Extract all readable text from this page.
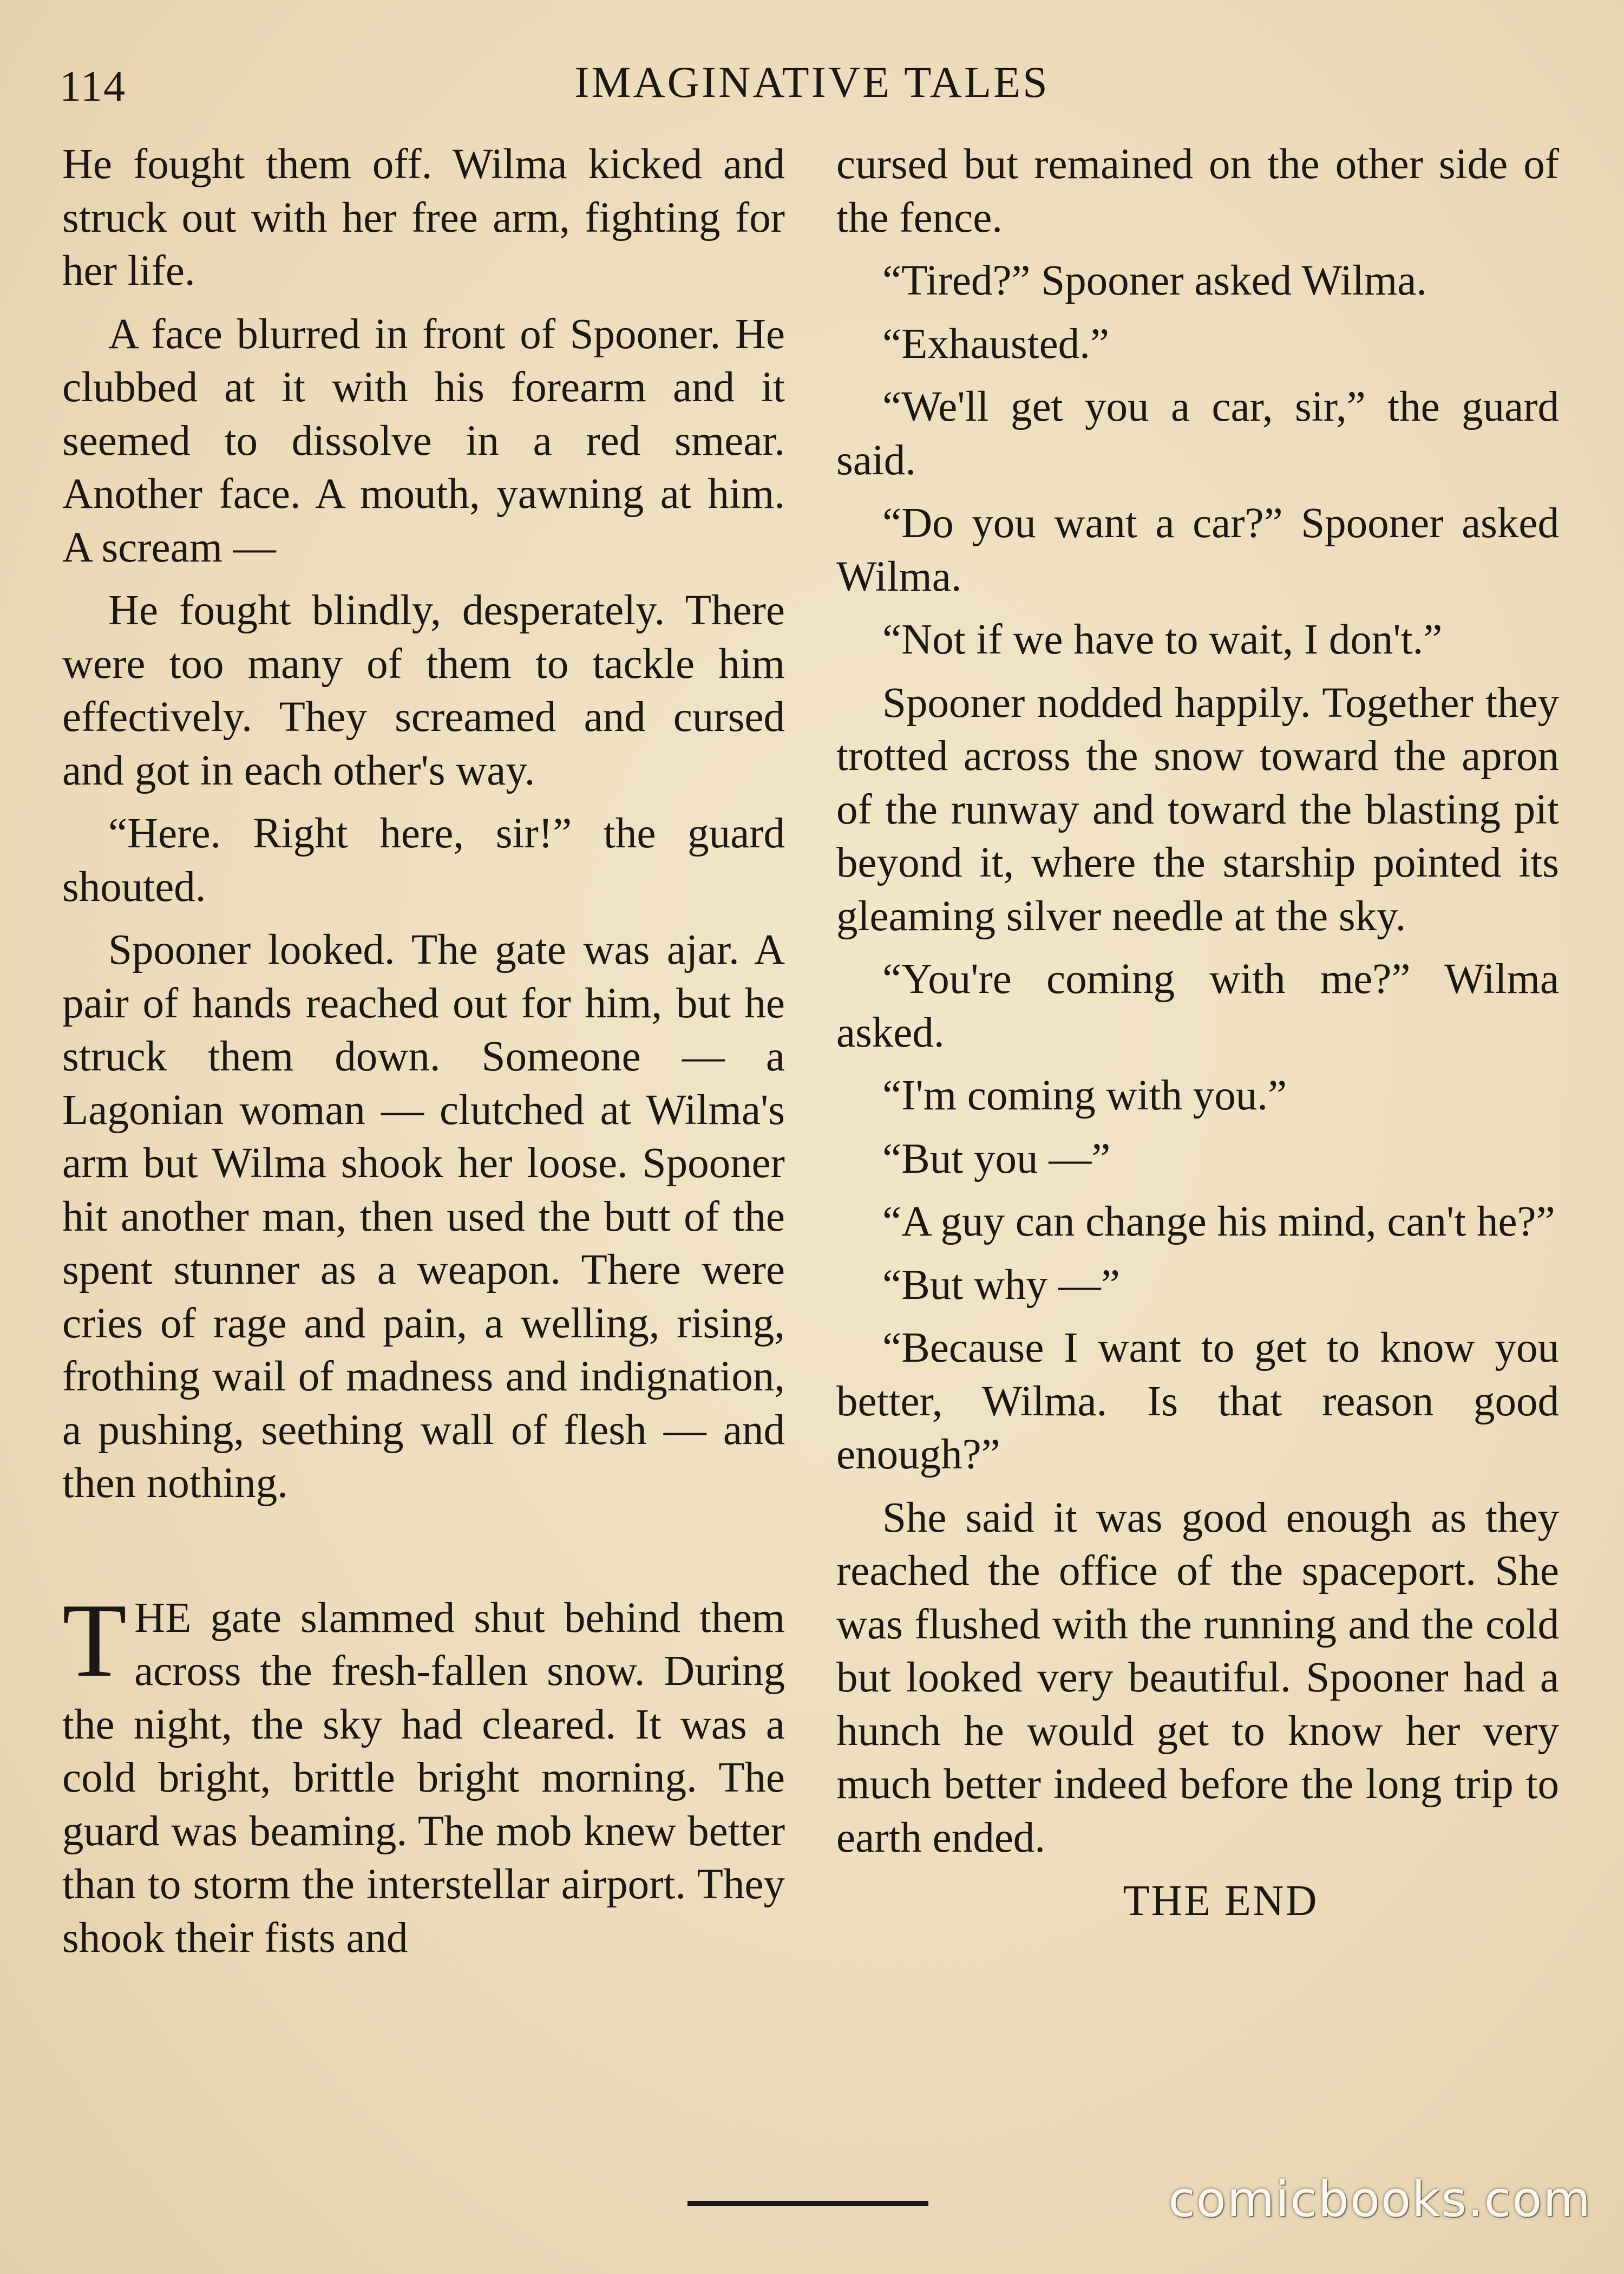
114	IMAGINATIVE TALES

He fought them off. Wilma kicked and struck out with her free arm, fighting for her life.

A face blurred in front of Spooner. He clubbed at it with his forearm and it seemed to dissolve in a red smear. Another face. A mouth, yawning at him. A scream —

He fought blindly, desperately. There were too many of them to tackle him effectively. They screamed and cursed and got in each other's way.

“Here. Right here, sir!” the guard shouted.

Spooner looked. The gate was ajar. A pair of hands reached out for him, but he struck them down. Someone — a Lagonian woman — clutched at Wilma's arm but Wilma shook her loose. Spooner hit another man, then used the butt of the spent stunner as a weapon. There were cries of rage and pain, a welling, rising, frothing wail of madness and indignation, a pushing, seething wall of flesh — and then nothing.

THE gate slammed shut behind them across the fresh-fallen snow. During the night, the sky had cleared. It was a cold bright, brittle bright morning. The guard was beaming. The mob knew better than to storm the interstellar airport. They shook their fists and

cursed but remained on the other side of the fence.

“Tired?” Spooner asked Wilma.

“Exhausted.”

“We'll get you a car, sir,” the guard said.

“Do you want a car?” Spooner asked Wilma.

“Not if we have to wait, I don't.”

Spooner nodded happily. Together they trotted across the snow toward the apron of the runway and toward the blasting pit beyond it, where the starship pointed its gleaming silver needle at the sky.

“You're coming with me?” Wilma asked.

“I'm coming with you.”

“But you —”

“A guy can change his mind, can't he?”

“But why —”

“Because I want to get to know you better, Wilma. Is that reason good enough?”

She said it was good enough as they reached the office of the spaceport. She was flushed with the running and the cold but looked very beautiful. Spooner had a hunch he would get to know her very much better indeed before the long trip to earth ended.

THE END

comicbooks.com
